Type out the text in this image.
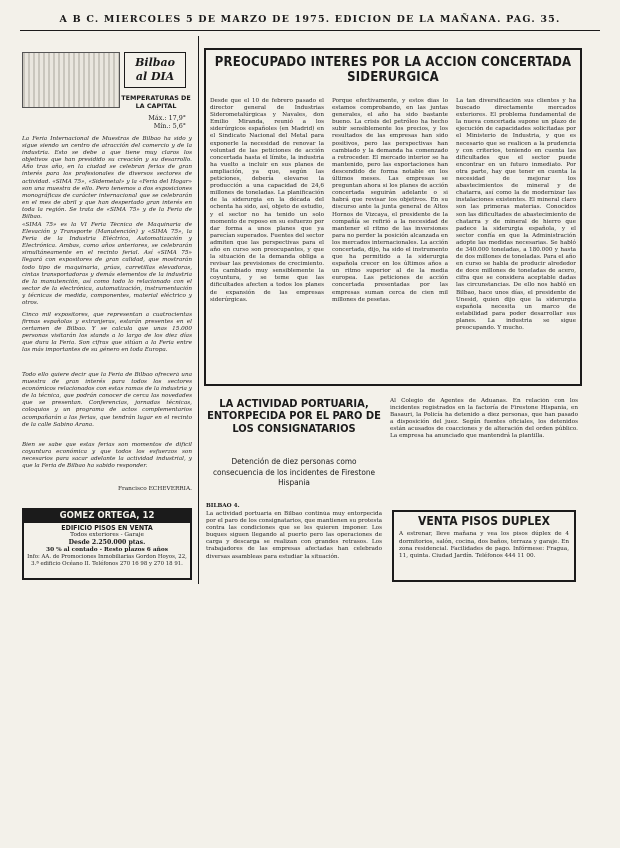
A B C. MIERCOLES 5 DE MARZO DE 1975. EDICION DE LA MAÑANA. PAG. 35.
Bilbao
al DIA
TEMPERATURAS DE LA CAPITAL
Máx.: 17,9°
Mín.: 5,6°
La Feria Internacional de Muestras de Bilbao ha sido y sigue siendo un centro de atracción del comercio y de la industria. Esto se debe a que tiene muy claros los objetivos que han presidido su creación y su desarrollo. Año tras año, en la ciudad se celebran ferias de gran interés para los profesionales de diversos sectores de actividad. «SIMA 75», «Sidemetal» y la «Feria del Hogar» son una muestra de ello. Pero tenemos a dos exposiciones monográficas de carácter internacional que se celebrarán en el mes de abril y que han despertado gran interés en toda la región. Se trata de «SIMA 75» y de la Feria de Bilbao.
«SIMA 75» es la VI Feria Técnica de Maquinaria de Elevación y Transporte (Manutención) y «SIMA 75», la Feria de la Industria Eléctrica, Automatización y Electrónica. Ambas, como años anteriores, se celebrarán simultáneamente en el recinto ferial. Así «SIMA 75» llegará con expositores de gran calidad, que mostrarán todo tipo de maquinaria, grúas, carretillas elevadoras, cintas transportadoras y demás elementos de la industria de la manutención, así como todo lo relacionado con el sector de la electrónica, automatización, instrumentación y técnicas de medida, componentes, material eléctrico y otros.
Cinco mil expositores, que representan a cuatrocientas firmas españolas y extranjeras, estarán presentes en el certamen de Bilbao. Y se calcula que unas 15.000 personas visitarán los stands a lo largo de los diez días que dura la Feria. Son cifras que sitúan a la Feria entre las más importantes de su género en toda Europa.
Todo ello quiere decir que la Feria de Bilbao ofrecerá una muestra de gran interés para todos los sectores económicos relacionados con estas ramas de la industria y de la técnica, que podrán conocer de cerca las novedades que se presentan. Conferencias, jornadas técnicas, coloquios y un programa de actos complementarios acompañarán a las ferias, que tendrán lugar en el recinto de la calle Sabino Arana.
Bien se sabe que estas ferias son momentos de difícil coyuntura económica y que todos los esfuerzos son necesarios para sacar adelante la actividad industrial, y que la Feria de Bilbao ha sabido responder.
Francisco ECHEVERRIA.
GOMEZ ORTEGA, 12
EDIFICIO PISOS EN VENTA
Todos exteriores - Garaje
Desde 2.250.000 ptas.
30 % al contado - Resto plazos 6 años
Info: AA. de Promociones Inmobiliarias Gordon Hoyos, 22, 3.ª edificio Océano II. Teléfonos 270 16 98 y 270 18 91.
PREOCUPADO INTERES POR LA ACCION CONCERTADA SIDERURGICA
Desde que el 10 de febrero pasado el director general de Industrias Siderometalúrgicas y Navales, don Emilio Miranda, reunió a los siderúrgicos españoles (en Madrid) en el Sindicato Nacional del Metal para exponerle la necesidad de renovar la voluntad de las peticiones de acción concertada hasta el límite, la industria ha vuelto a incluir en sus planes de ampliación, ya que, según las peticiones, debería elevarse la producción a una capacidad de 24,6 millones de toneladas. La planificación de la siderurgia en la década del ochenta ha sido, así, objeto de estudio, y el sector no ha tenido un solo momento de reposo en su esfuerzo por dar forma a unos planes que ya parecían superados. Fuentes del sector admiten que las perspectivas para el año en curso son preocupantes, y que la situación de la demanda obliga a revisar las previsiones de crecimiento. Ha cambiado muy sensiblemente la coyuntura, y se teme que las dificultades afecten a todos los planes de expansión de las empresas siderúrgicas.
Porque efectivamente, y estos días lo estamos comprobando, en las juntas generales, el año ha sido bastante bueno. La crisis del petróleo ha hecho subir sensiblemente los precios, y los resultados de las empresas han sido positivos, pero las perspectivas han cambiado y la demanda ha comenzado a retroceder. El mercado interior se ha mantenido, pero las exportaciones han descendido de forma notable en los últimos meses. Las empresas se preguntan ahora si los planes de acción concertada seguirán adelante o si habrá que revisar los objetivos. En su discurso ante la junta general de Altos Hornos de Vizcaya, el presidente de la compañía se refirió a la necesidad de mantener el ritmo de las inversiones para no perder la posición alcanzada en los mercados internacionales. La acción concertada, dijo, ha sido el instrumento que ha permitido a la siderurgia española crecer en los últimos años a un ritmo superior al de la media europea. Las peticiones de acción concertada presentadas por las empresas suman cerca de cien mil millones de pesetas.
La tan diversificación sus clientes y ha buscado directamente mercados exteriores. El problema fundamental de la nueva concertada supone un plazo de ejecución de capacidades solicitadas por el Ministerio de Industria, y que es necesario que se realicen a la prudencia y con criterios, teniendo en cuenta las dificultades que el sector puede encontrar en un futuro inmediato. Por otra parte, hay que tener en cuenta la necesidad de mejorar los abastecimientos de mineral y de chatarra, así como la de modernizar las instalaciones existentes. El mineral claro son las primeras materias. Conocidos son las dificultades de abastecimiento de chatarra y de mineral de hierro que padece la siderurgia española, y el sector confía en que la Administración adopte las medidas necesarias. Se habló de 340.000 toneladas, a 180.000 y hasta de dos millones de toneladas. Para el año en curso se habla de producir alrededor de doce millones de toneladas de acero, cifra que se considera aceptable dadas las circunstancias. De ello nos habló en Bilbao, hace unos días, el presidente de Unesid, quien dijo que la siderurgia española necesita un marco de estabilidad para poder desarrollar sus planes. La industria se sigue preocupando. Y mucho.
LA ACTIVIDAD PORTUARIA, ENTORPECIDA POR EL PARO DE LOS CONSIGNATARIOS
Detención de diez personas como consecuencia de los incidentes de Firestone Hispania
BILBAO 4.
La actividad portuaria en Bilbao continúa muy entorpecida por el paro de los consignatarios, que mantienen su protesta contra las condiciones que se les quieren imponer. Los buques siguen llegando al puerto pero las operaciones de carga y descarga se realizan con grandes retrasos. Los trabajadores de las empresas afectadas han celebrado diversas asambleas para estudiar la situación.
Al Colegio de Agentes de Aduanas. En relación con los incidentes registrados en la factoría de Firestone Hispania, en Basauri, la Policía ha detenido a diez personas, que han pasado a disposición del juez. Según fuentes oficiales, los detenidos están acusados de coacciones y de alteración del orden público. La empresa ha anunciado que mantendrá la plantilla.
VENTA PISOS DUPLEX
A estrenar, lleve mañana y vea los pisos dúplex de 4 dormitorios, salón, cocina, dos baños, terraza y garaje. En zona residencial. Facilidades de pago. Infórmese: Fragua, 11, quinta. Ciudad Jardín. Teléfonos 444 11 00.
